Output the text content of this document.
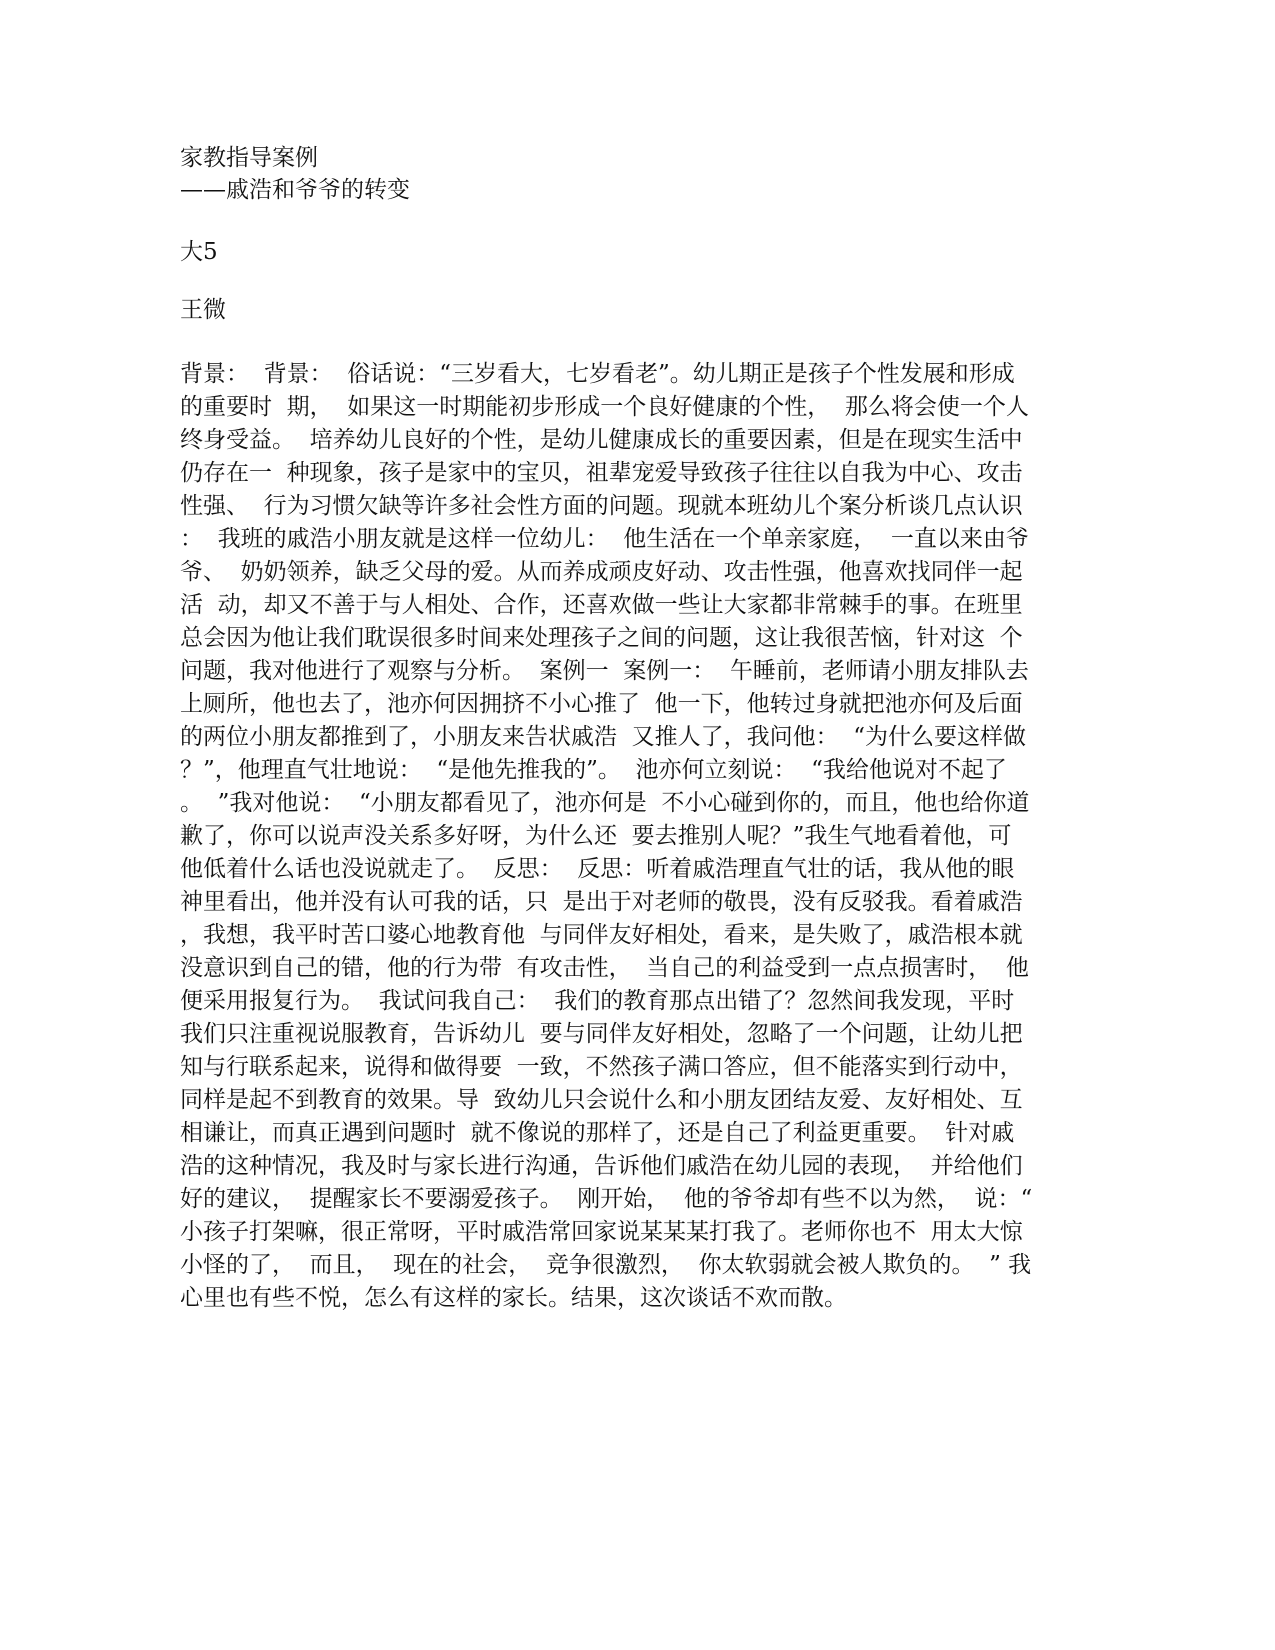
家教指导案例

——戚浩和爷爷的转变

大5

王微

背景：  背景：  俗话说：“三岁看大，七岁看老”。幼儿期正是孩子个性发展和形成
的重要时  期，  如果这一时期能初步形成一个良好健康的个性，  那么将会使一个人
终身受益。  培养幼儿良好的个性，是幼儿健康成长的重要因素，但是在现实生活中
仍存在一  种现象，孩子是家中的宝贝，祖辈宠爱导致孩子往往以自我为中心、攻击
性强、  行为习惯欠缺等许多社会性方面的问题。现就本班幼儿个案分析谈几点认识
：  我班的戚浩小朋友就是这样一位幼儿：  他生活在一个单亲家庭，  一直以来由爷
爷、  奶奶领养，缺乏父母的爱。从而养成顽皮好动、攻击性强，他喜欢找同伴一起
活  动，却又不善于与人相处、合作，还喜欢做一些让大家都非常棘手的事。在班里
总会因为他让我们耽误很多时间来处理孩子之间的问题，这让我很苦恼，针对这  个
问题，我对他进行了观察与分析。  案例一  案例一：  午睡前，老师请小朋友排队去
上厕所，他也去了，池亦何因拥挤不小心推了  他一下，他转过身就把池亦何及后面
的两位小朋友都推到了，小朋友来告状戚浩  又推人了，我问他：  “为什么要这样做
？”，他理直气壮地说：  “是他先推我的”。  池亦何立刻说：  “我给他说对不起了
。  ”我对他说：  “小朋友都看见了，池亦何是  不小心碰到你的，而且，他也给你道
歉了，你可以说声没关系多好呀，为什么还  要去推别人呢？”我生气地看着他，可
他低着什么话也没说就走了。  反思：  反思：听着戚浩理直气壮的话，我从他的眼
神里看出，他并没有认可我的话，只  是出于对老师的敬畏，没有反驳我。看着戚浩
，我想，我平时苦口婆心地教育他  与同伴友好相处，看来，是失败了，戚浩根本就
没意识到自己的错，他的行为带  有攻击性，  当自己的利益受到一点点损害时，  他
便采用报复行为。  我试问我自己：  我们的教育那点出错了？忽然间我发现，平时
我们只注重视说服教育，告诉幼儿  要与同伴友好相处，忽略了一个问题，让幼儿把
知与行联系起来，说得和做得要  一致，不然孩子满口答应，但不能落实到行动中，
同样是起不到教育的效果。导  致幼儿只会说什么和小朋友团结友爱、友好相处、互
相谦让，而真正遇到问题时  就不像说的那样了，还是自己了利益更重要。  针对戚
浩的这种情况，我及时与家长进行沟通，告诉他们戚浩在幼儿园的表现，  并给他们
好的建议，  提醒家长不要溺爱孩子。  刚开始，  他的爷爷却有些不以为然，  说：“
小孩子打架嘛，很正常呀，平时戚浩常回家说某某某打我了。老师你也不  用太大惊
小怪的了，  而且，  现在的社会，  竞争很激烈，  你太软弱就会被人欺负的。  ” 我
心里也有些不悦，怎么有这样的家长。结果，这次谈话不欢而散。
